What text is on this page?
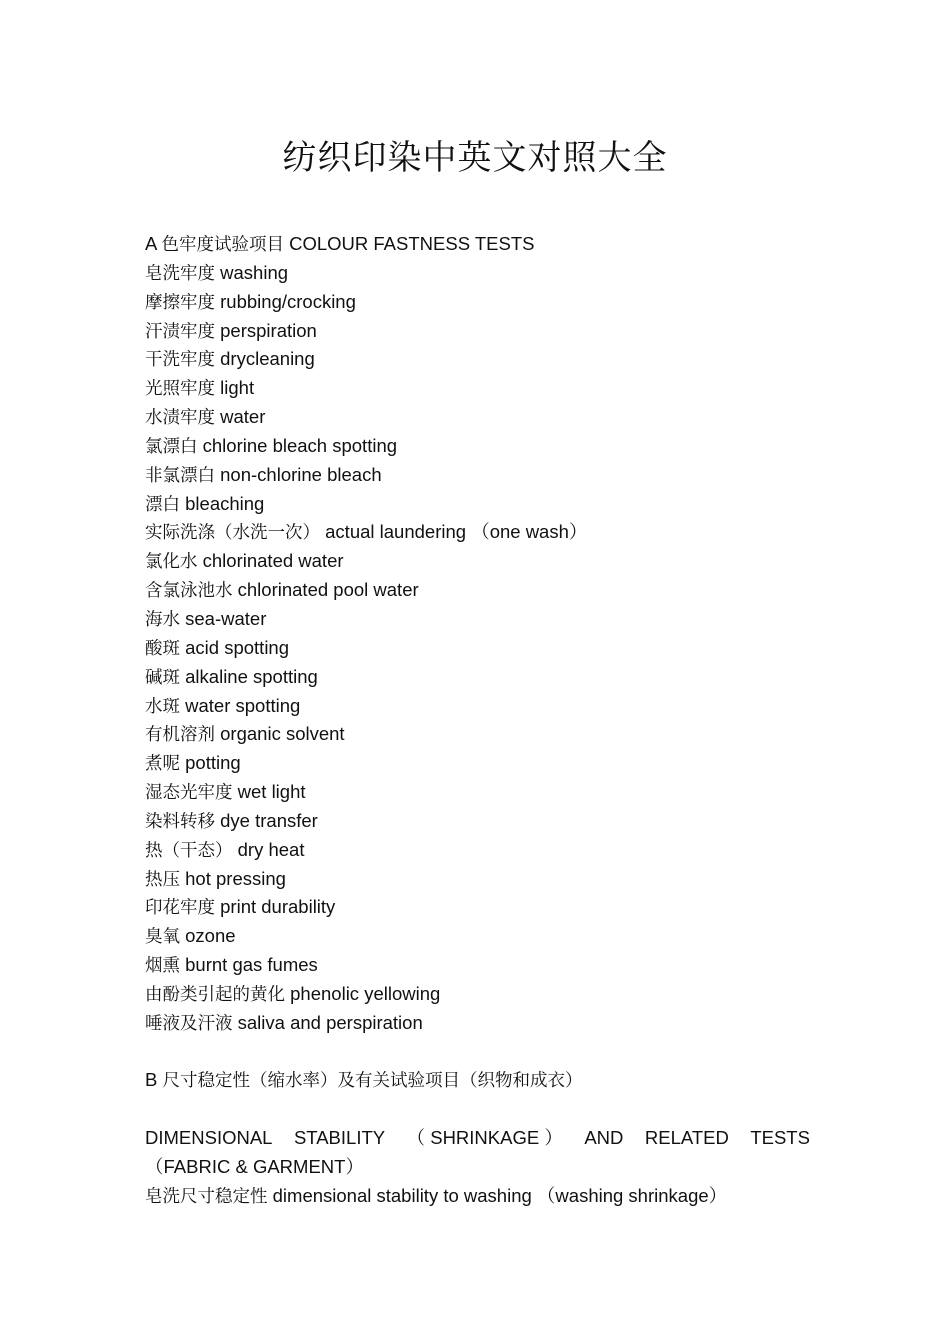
纺织印染中英文对照大全
A 色牢度试验项目 COLOUR FASTNESS TESTS
皂洗牢度 washing
摩擦牢度 rubbing/crocking
汗渍牢度 perspiration
干洗牢度 drycleaning
光照牢度 light
水渍牢度 water
氯漂白 chlorine bleach spotting
非氯漂白 non-chlorine bleach
漂白 bleaching
实际洗涤（水洗一次） actual laundering （one wash）
氯化水 chlorinated water
含氯泳池水 chlorinated pool water
海水 sea-water
酸斑 acid spotting
碱斑 alkaline spotting
水斑 water spotting
有机溶剂 organic solvent
煮呢 potting
湿态光牢度 wet light
染料转移 dye transfer
热（干态） dry heat
热压 hot pressing
印花牢度 print durability
臭氧 ozone
烟熏 burnt gas fumes
由酚类引起的黄化 phenolic yellowing
唾液及汗液 saliva and perspiration
B 尺寸稳定性（缩水率）及有关试验项目（织物和成衣）
DIMENSIONAL STABILITY （ SHRINKAGE ） AND RELATED TESTS
（FABRIC & GARMENT）
皂洗尺寸稳定性 dimensional stability to washing （washing shrinkage）
